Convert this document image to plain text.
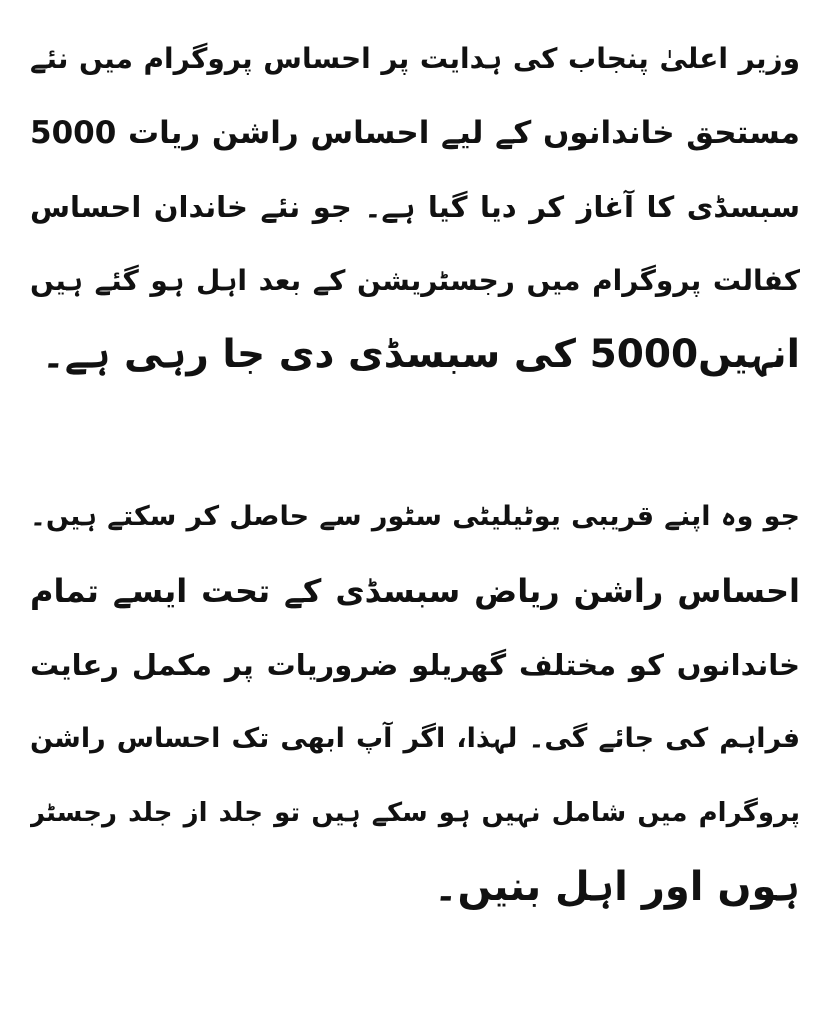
وزیر اعلیٰ پنجاب کی ہدایت پر احساس پروگرام میں نئے
مستحق خاندانوں کے لیے احساس راشن ریات 5000
سبسڈی کا آغاز کر دیا گیا ہے۔ جو نئے خاندان احساس
کفالت پروگرام میں رجسٹریشن کے بعد اہل ہو گئے ہیں
انہیں5000 کی سبسڈی دی جا رہی ہے۔
جو وہ اپنے قریبی یوٹیلیٹی سٹور سے حاصل کر سکتے ہیں۔
احساس راشن ریاض سبسڈی کے تحت ایسے تمام
خاندانوں کو مختلف گھریلو ضروریات پر مکمل رعایت
فراہم کی جائے گی۔ لہذا، اگر آپ ابھی تک احساس راشن
پروگرام میں شامل نہیں ہو سکے ہیں تو جلد از جلد رجسٹر
ہوں اور اہل بنیں۔
